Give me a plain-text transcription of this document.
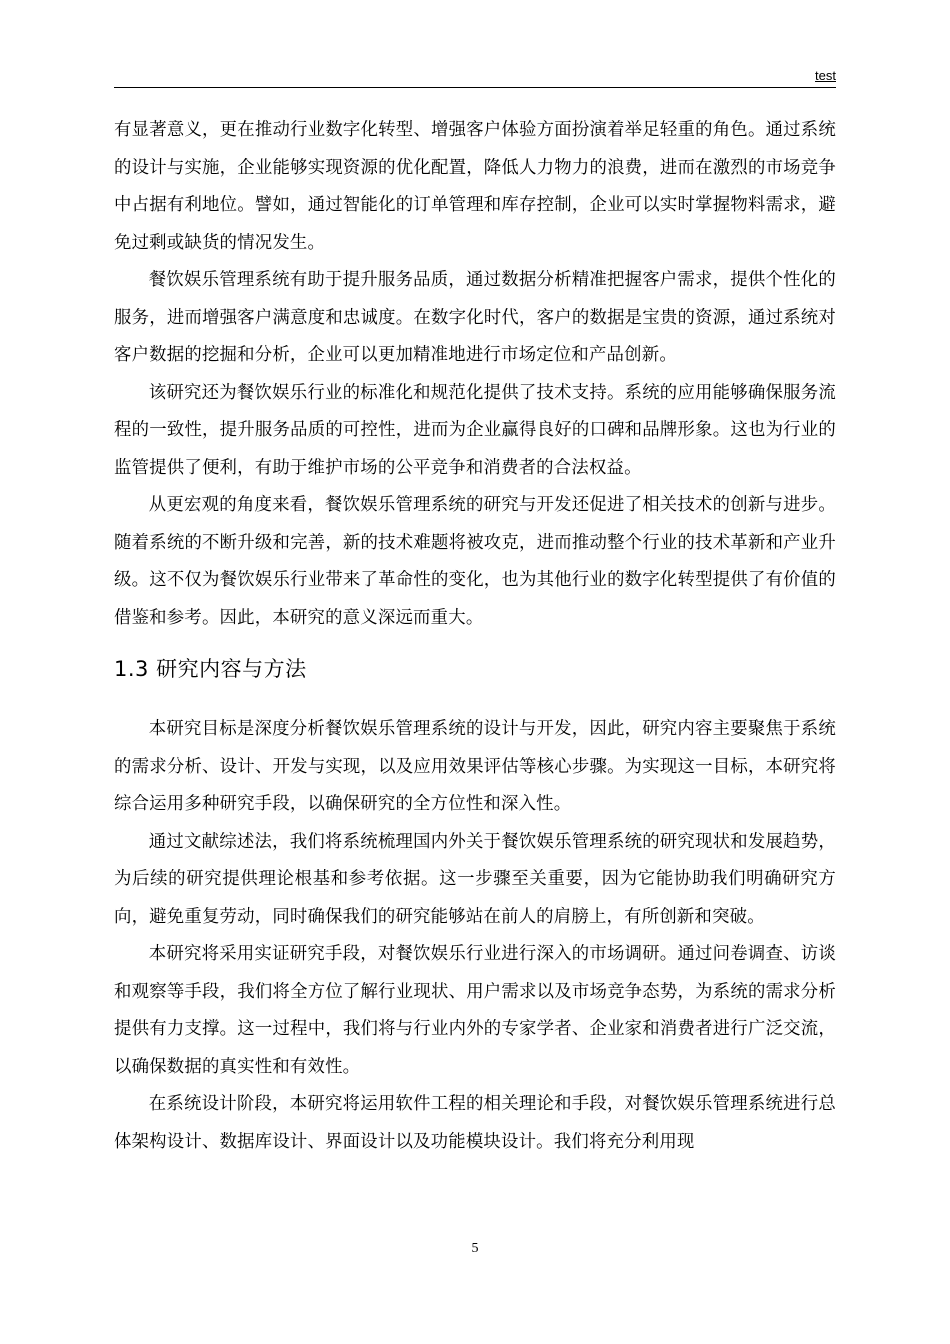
test

有显著意义，更在推动行业数字化转型、增强客户体验方面扮演着举足轻重的角色。通过系统的设计与实施，企业能够实现资源的优化配置，降低人力物力的浪费，进而在激烈的市场竞争中占据有利地位。譬如，通过智能化的订单管理和库存控制，企业可以实时掌握物料需求，避免过剩或缺货的情况发生。

餐饮娱乐管理系统有助于提升服务品质，通过数据分析精准把握客户需求，提供个性化的服务，进而增强客户满意度和忠诚度。在数字化时代，客户的数据是宝贵的资源，通过系统对客户数据的挖掘和分析，企业可以更加精准地进行市场定位和产品创新。

该研究还为餐饮娱乐行业的标准化和规范化提供了技术支持。系统的应用能够确保服务流程的一致性，提升服务品质的可控性，进而为企业赢得良好的口碑和品牌形象。这也为行业的监管提供了便利，有助于维护市场的公平竞争和消费者的合法权益。

从更宏观的角度来看，餐饮娱乐管理系统的研究与开发还促进了相关技术的创新与进步。随着系统的不断升级和完善，新的技术难题将被攻克，进而推动整个行业的技术革新和产业升级。这不仅为餐饮娱乐行业带来了革命性的变化，也为其他行业的数字化转型提供了有价值的借鉴和参考。因此，本研究的意义深远而重大。

1.3 研究内容与方法

本研究目标是深度分析餐饮娱乐管理系统的设计与开发，因此，研究内容主要聚焦于系统的需求分析、设计、开发与实现，以及应用效果评估等核心步骤。为实现这一目标，本研究将综合运用多种研究手段，以确保研究的全方位性和深入性。

通过文献综述法，我们将系统梳理国内外关于餐饮娱乐管理系统的研究现状和发展趋势，为后续的研究提供理论根基和参考依据。这一步骤至关重要，因为它能协助我们明确研究方向，避免重复劳动，同时确保我们的研究能够站在前人的肩膀上，有所创新和突破。

本研究将采用实证研究手段，对餐饮娱乐行业进行深入的市场调研。通过问卷调查、访谈和观察等手段，我们将全方位了解行业现状、用户需求以及市场竞争态势，为系统的需求分析提供有力支撑。这一过程中，我们将与行业内外的专家学者、企业家和消费者进行广泛交流，以确保数据的真实性和有效性。

在系统设计阶段，本研究将运用软件工程的相关理论和手段，对餐饮娱乐管理系统进行总体架构设计、数据库设计、界面设计以及功能模块设计。我们将充分利用现

5
